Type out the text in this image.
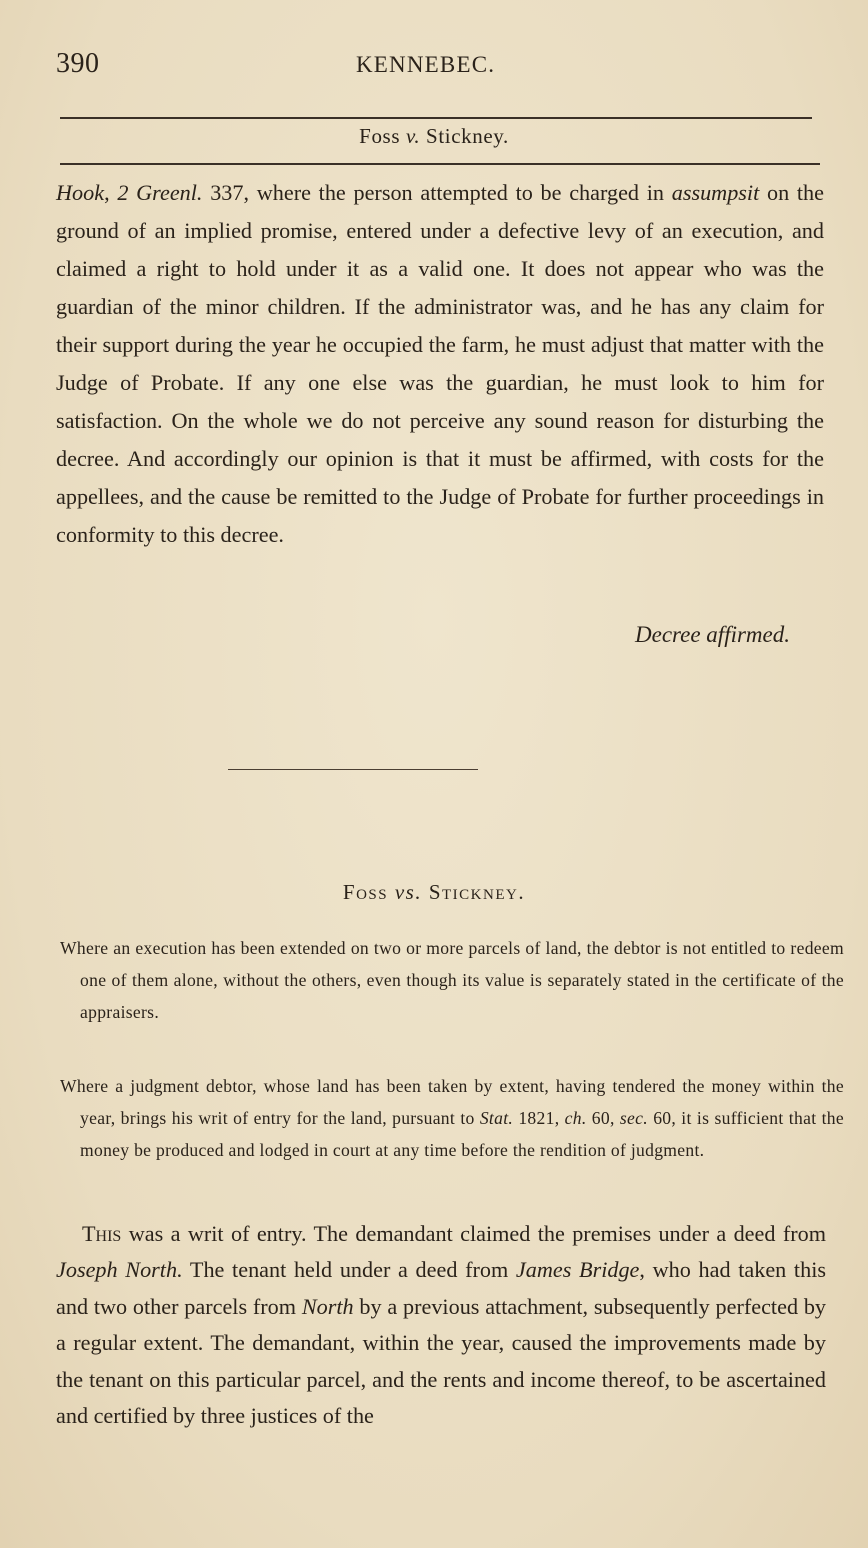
390	KENNEBEC.
Foss v. Stickney.
Hook, 2 Greenl. 337, where the person attempted to be charged in assumpsit on the ground of an implied promise, entered under a defective levy of an execution, and claimed a right to hold under it as a valid one. It does not appear who was the guardian of the minor children. If the administrator was, and he has any claim for their support during the year he occupied the farm, he must adjust that matter with the Judge of Probate. If any one else was the guardian, he must look to him for satisfaction. On the whole we do not perceive any sound reason for disturbing the decree. And accordingly our opinion is that it must be affirmed, with costs for the appellees, and the cause be remitted to the Judge of Probate for further proceedings in conformity to this decree.
Decree affirmed.
Foss vs. Stickney.
Where an execution has been extended on two or more parcels of land, the debtor is not entitled to redeem one of them alone, without the others, even though its value is separately stated in the certificate of the appraisers.
Where a judgment debtor, whose land has been taken by extent, having tendered the money within the year, brings his writ of entry for the land, pursuant to Stat. 1821, ch. 60, sec. 60, it is sufficient that the money be produced and lodged in court at any time before the rendition of judgment.
This was a writ of entry. The demandant claimed the premises under a deed from Joseph North. The tenant held under a deed from James Bridge, who had taken this and two other parcels from North by a previous attachment, subsequently perfected by a regular extent. The demandant, within the year, caused the improvements made by the tenant on this particular parcel, and the rents and income thereof, to be ascertained and certified by three justices of the
